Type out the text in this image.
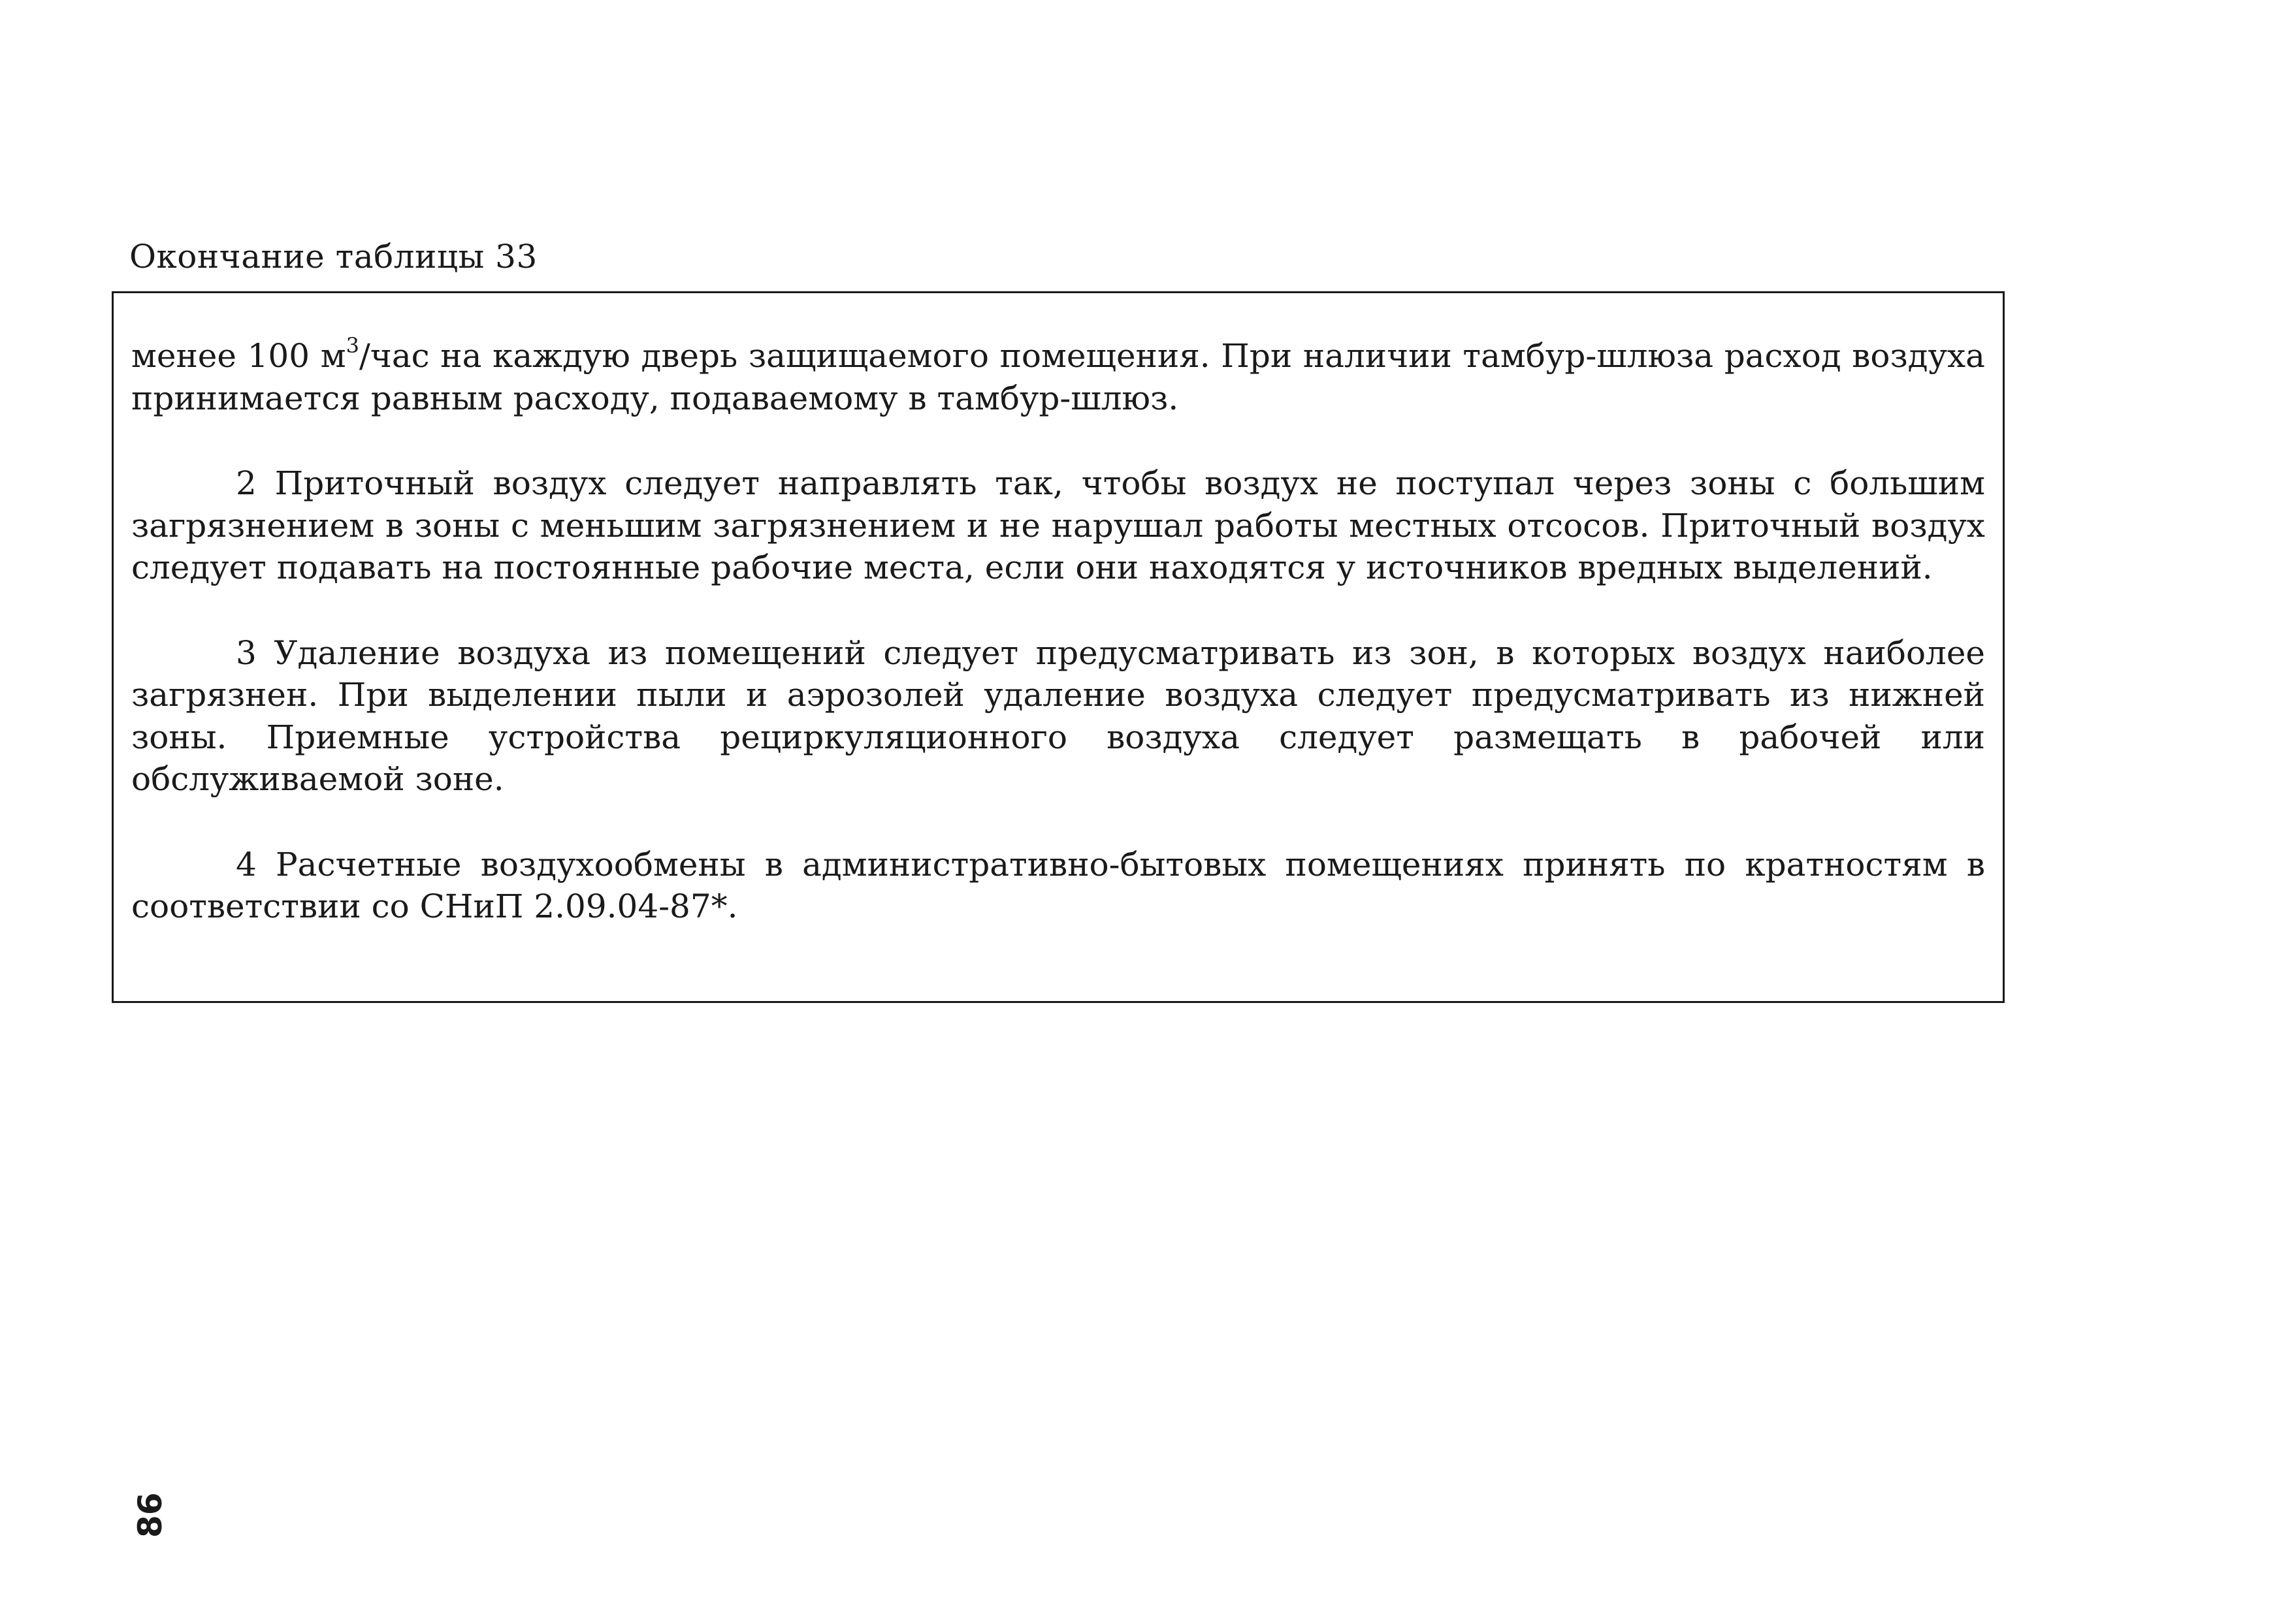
Окончание таблицы 33

менее 100 $м^3$/час на каждую дверь защищаемого помещения. При наличии тамбур-шлюза расход воздуха принимается равным расходу, подаваемому в тамбур-шлюз.

2 Приточный воздух следует направлять так, чтобы воздух не поступал через зоны с большим загрязнением в зоны с меньшим загрязнением и не нарушал работы местных отсосов. Приточный воздух следует подавать на постоянные рабочие места, если они находятся у источников вредных выделений.

3 Удаление воздуха из помещений следует предусматривать из зон, в которых воздух наиболее загрязнен. При выделении пыли и аэрозолей удаление воздуха следует предусматривать из нижней зоны. Приемные устройства рециркуляционного воздуха следует размещать в рабочей или обслуживаемой зоне.

4 Расчетные воздухообмены в административно-бытовых помещениях принять по кратностям в соответствии со СНиП 2.09.04-87*.

86
